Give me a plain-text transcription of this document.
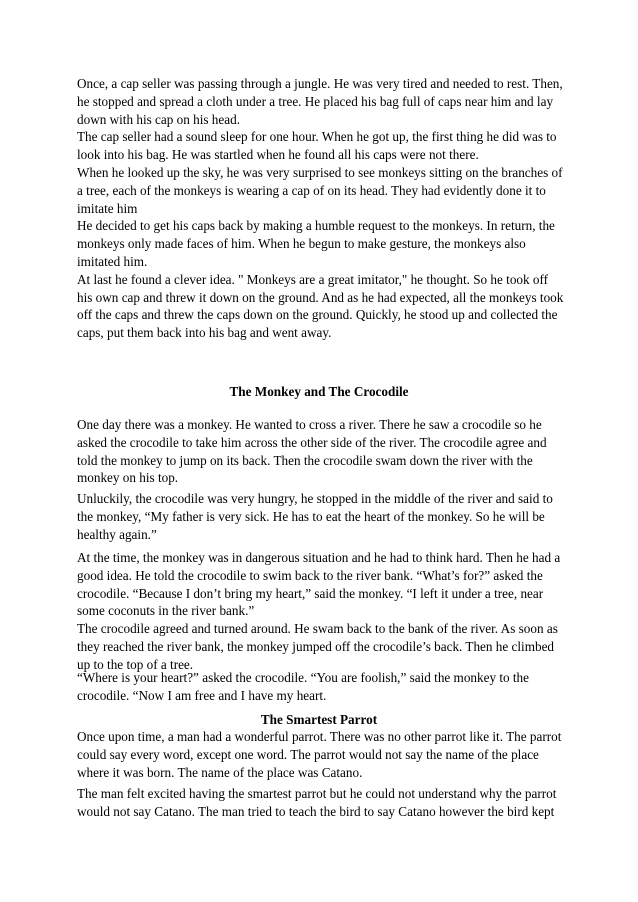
Once, a cap seller was passing through a jungle. He was very tired and needed to rest. Then, he stopped and spread a cloth under a tree. He placed his bag full of caps near him and lay down with his cap on his head.

The cap seller had a sound sleep for one hour. When he got up, the first thing he did was to look into his bag. He was startled when he found all his caps were not there.

When he looked up the sky, he was very surprised to see monkeys sitting on the branches of a tree, each of the monkeys is wearing a cap of on its head. They had evidently done it to imitate him

He decided to get his caps back by making a humble request to the monkeys. In return, the monkeys only made faces of him. When he begun to make gesture, the monkeys also imitated him.

At last he found a clever idea. " Monkeys are a great imitator," he thought. So he took off his own cap and threw it down on the ground. And as he had expected, all the monkeys took off the caps and threw the caps down on the ground. Quickly, he stood up and collected the caps, put them back into his bag and went away.

The Monkey and The Crocodile

One day there was a monkey. He wanted to cross a river. There he saw a crocodile so he asked the crocodile to take him across the other side of the river. The crocodile agree and told the monkey to jump on its back. Then the crocodile swam down the river with the monkey on his top.

Unluckily, the crocodile was very hungry, he stopped in the middle of the river and said to the monkey, “My father is very sick. He has to eat the heart of the monkey. So he will be healthy again.”

At the time, the monkey was in dangerous situation and he had to think hard. Then he had a good idea. He told the crocodile to swim back to the river bank. “What’s for?” asked the crocodile. “Because I don’t bring my heart,” said the monkey. “I left it under a tree, near some coconuts in the river bank.”

The crocodile agreed and turned around. He swam back to the bank of the river. As soon as they reached the river bank, the monkey jumped off the crocodile’s back. Then he climbed up to the top of a tree.

“Where is your heart?” asked the crocodile. “You are foolish,” said the monkey to the crocodile. “Now I am free and I have my heart.

The Smartest Parrot

Once upon time, a man had a wonderful parrot. There was no other parrot like it. The parrot could say every word, except one word. The parrot would not say the name of the place where it was born. The name of the place was Catano.

The man felt excited having the smartest parrot but he could not understand why the parrot would not say Catano. The man tried to teach the bird to say Catano however the bird kept
